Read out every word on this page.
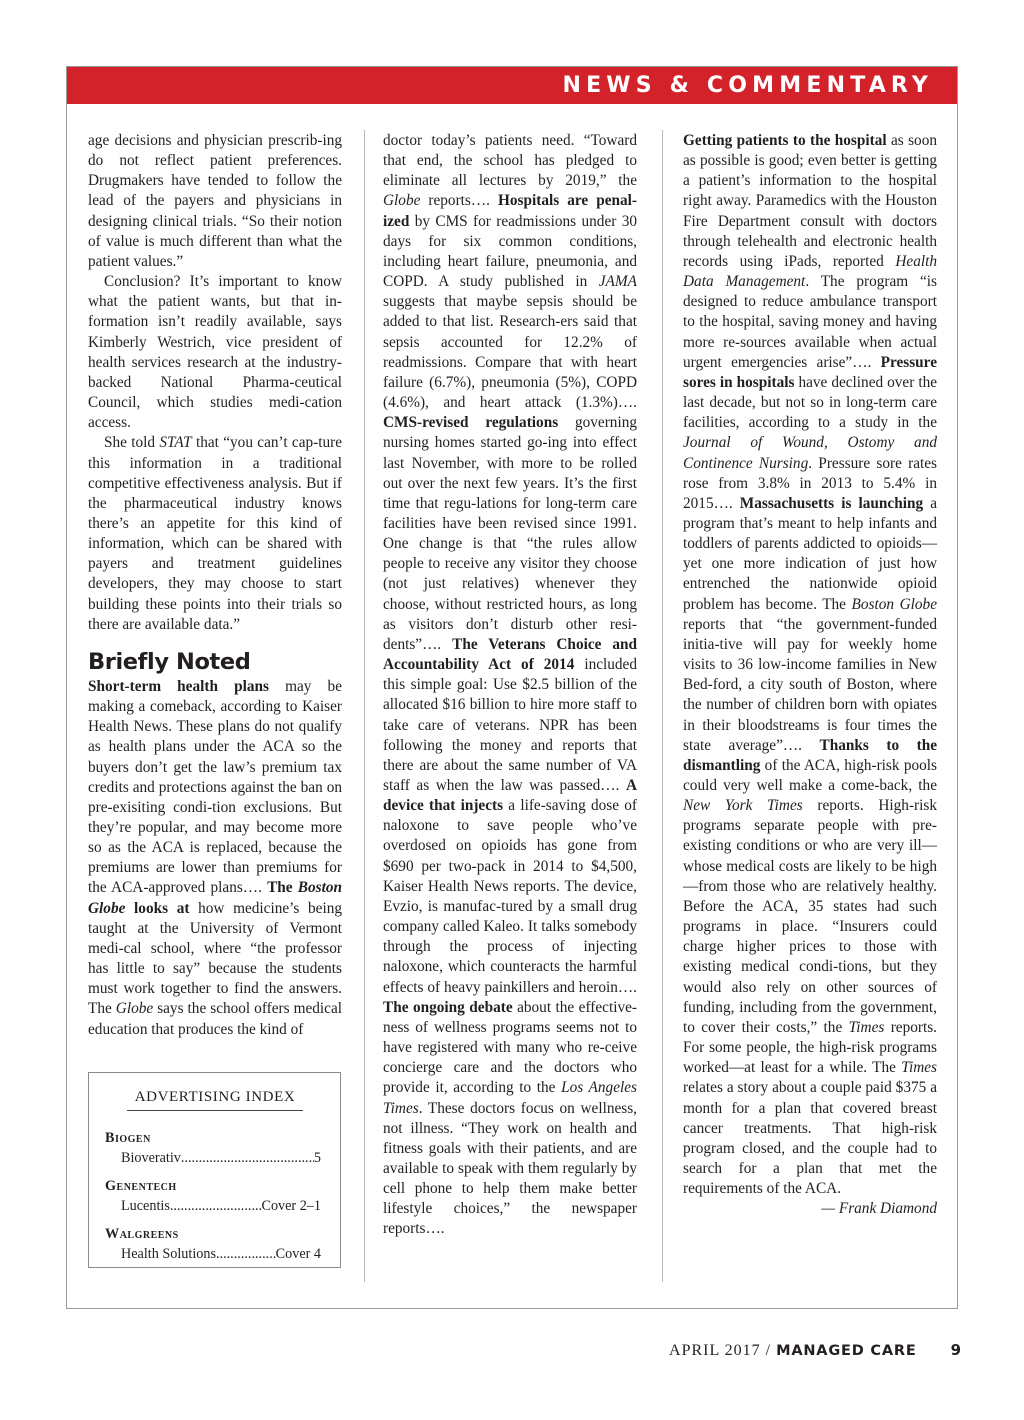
NEWS & COMMENTARY

age decisions and physician prescrib-ing do not reflect patient preferences. Drugmakers have tended to follow the lead of the payers and physicians in designing clinical trials. “So their notion of value is much different than what the patient values.”

Conclusion? It’s important to know what the patient wants, but that in-formation isn’t readily available, says Kimberly Westrich, vice president of health services research at the industry-backed National Pharma-ceutical Council, which studies medi-cation access.

She told STAT that “you can’t cap-ture this information in a traditional competitive effectiveness analysis. But if the pharmaceutical industry knows there’s an appetite for this kind of information, which can be shared with payers and treatment guidelines developers, they may choose to start building these points into their trials so there are available data.”

Briefly Noted

Short-term health plans may be making a comeback, according to Kaiser Health News. These plans do not qualify as health plans under the ACA so the buyers don’t get the law’s premium tax credits and protections against the ban on pre-exisiting condi-tion exclusions. But they’re popular, and may become more so as the ACA is replaced, because the premiums are lower than premiums for the ACA-approved plans…. The Boston Globe looks at how medicine’s being taught at the University of Vermont medi-cal school, where “the professor has little to say” because the students must work together to find the answers. The Globe says the school offers medical education that produces the kind of

ADVERTISING INDEX
Biogen
Bioverativ .....	5
Genentech
Lucentis .....	Cover 2–1
Walgreens
Health Solutions .....	Cover 4

doctor today’s patients need. “Toward that end, the school has pledged to eliminate all lectures by 2019,” the Globe reports…. Hospitals are penal-ized by CMS for readmissions under 30 days for six common conditions, including heart failure, pneumonia, and COPD. A study published in JAMA suggests that maybe sepsis should be added to that list. Research-ers said that sepsis accounted for 12.2% of readmissions. Compare that with heart failure (6.7%), pneumonia (5%), COPD (4.6%), and heart attack (1.3%)…. CMS-revised regulations governing nursing homes started go-ing into effect last November, with more to be rolled out over the next few years. It’s the first time that regu-lations for long-term care facilities have been revised since 1991. One change is that “the rules allow people to receive any visitor they choose (not just relatives) whenever they choose, without restricted hours, as long as visitors don’t disturb other resi-dents”…. The Veterans Choice and Accountability Act of 2014 included this simple goal: Use $2.5 billion of the allocated $16 billion to hire more staff to take care of veterans. NPR has been following the money and reports that there are about the same number of VA staff as when the law was passed…. A device that injects a life-saving dose of naloxone to save people who’ve overdosed on opioids has gone from $690 per two-pack in 2014 to $4,500, Kaiser Health News reports. The device, Evzio, is manufac-tured by a small drug company called Kaleo. It talks somebody through the process of injecting naloxone, which counteracts the harmful effects of heavy painkillers and heroin…. The ongoing debate about the effective-ness of wellness programs seems not to have registered with many who re-ceive concierge care and the doctors who provide it, according to the Los Angeles Times. These doctors focus on wellness, not illness. “They work on health and fitness goals with their patients, and are available to speak with them regularly by cell phone to help them make better lifestyle choices,” the newspaper reports….

Getting patients to the hospital as soon as possible is good; even better is getting a patient’s information to the hospital right away. Paramedics with the Houston Fire Department consult with doctors through telehealth and electronic health records using iPads, reported Health Data Management. The program “is designed to reduce ambulance transport to the hospital, saving money and having more re-sources available when actual urgent emergencies arise”…. Pressure sores in hospitals have declined over the last decade, but not so in long-term care facilities, according to a study in the Journal of Wound, Ostomy and Continence Nursing. Pressure sore rates rose from 3.8% in 2013 to 5.4% in 2015…. Massachusetts is launching a program that’s meant to help infants and toddlers of parents addicted to opioids—yet one more indication of just how entrenched the nationwide opioid problem has become. The Boston Globe reports that “the government-funded initia-tive will pay for weekly home visits to 36 low-income families in New Bed-ford, a city south of Boston, where the number of children born with opiates in their bloodstreams is four times the state average”…. Thanks to the dismantling of the ACA, high-risk pools could very well make a come-back, the New York Times reports. High-risk programs separate people with pre-existing conditions or who are very ill—whose medical costs are likely to be high—from those who are relatively healthy. Before the ACA, 35 states had such programs in place. “Insurers could charge higher prices to those with existing medical condi-tions, but they would also rely on other sources of funding, including from the government, to cover their costs,” the Times reports. For some people, the high-risk programs worked—at least for a while. The Times relates a story about a couple paid $375 a month for a plan that covered breast cancer treatments. That high-risk program closed, and the couple had to search for a plan that met the requirements of the ACA.

— Frank Diamond

APRIL 2017 / MANAGED CARE 9
